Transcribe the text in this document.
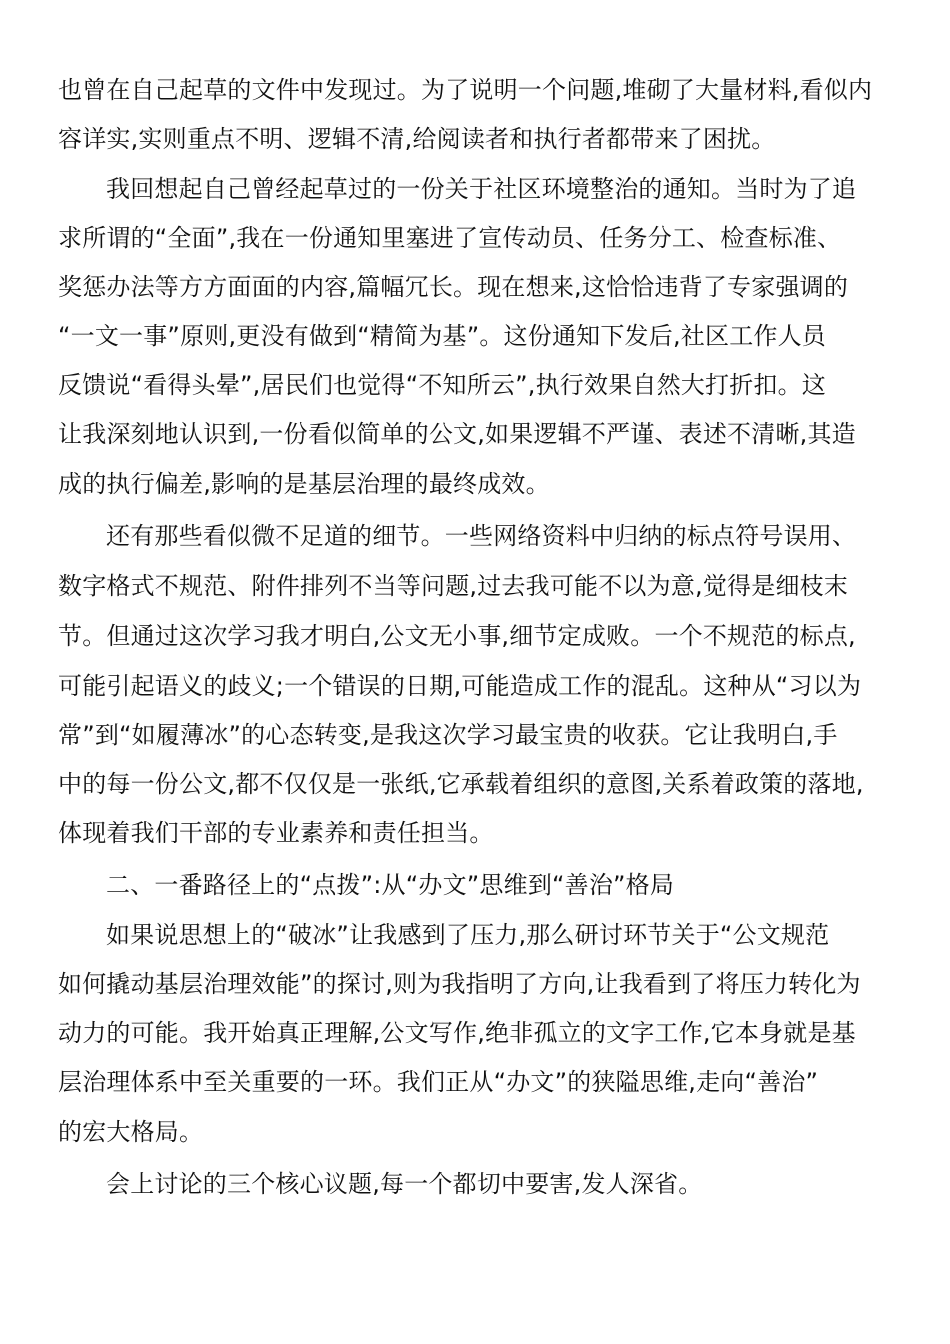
也曾在自己起草的文件中发现过。为了说明一个问题,堆砌了大量材料,看似内
容详实,实则重点不明、逻辑不清,给阅读者和执行者都带来了困扰。
我回想起自己曾经起草过的一份关于社区环境整治的通知。当时为了追
求所谓的“全面”,我在一份通知里塞进了宣传动员、任务分工、检查标准、
奖惩办法等方方面面的内容,篇幅冗长。现在想来,这恰恰违背了专家强调的
“一文一事”原则,更没有做到“精简为基”。这份通知下发后,社区工作人员
反馈说“看得头晕”,居民们也觉得“不知所云”,执行效果自然大打折扣。这
让我深刻地认识到,一份看似简单的公文,如果逻辑不严谨、表述不清晰,其造
成的执行偏差,影响的是基层治理的最终成效。
还有那些看似微不足道的细节。一些网络资料中归纳的标点符号误用、
数字格式不规范、附件排列不当等问题,过去我可能不以为意,觉得是细枝末
节。但通过这次学习我才明白,公文无小事,细节定成败。一个不规范的标点,
可能引起语义的歧义;一个错误的日期,可能造成工作的混乱。这种从“习以为
常”到“如履薄冰”的心态转变,是我这次学习最宝贵的收获。它让我明白,手
中的每一份公文,都不仅仅是一张纸,它承载着组织的意图,关系着政策的落地,
体现着我们干部的专业素养和责任担当。
二、一番路径上的“点拨”:从“办文”思维到“善治”格局
如果说思想上的“破冰”让我感到了压力,那么研讨环节关于“公文规范
如何撬动基层治理效能”的探讨,则为我指明了方向,让我看到了将压力转化为
动力的可能。我开始真正理解,公文写作,绝非孤立的文字工作,它本身就是基
层治理体系中至关重要的一环。我们正从“办文”的狭隘思维,走向“善治”
的宏大格局。
会上讨论的三个核心议题,每一个都切中要害,发人深省。
